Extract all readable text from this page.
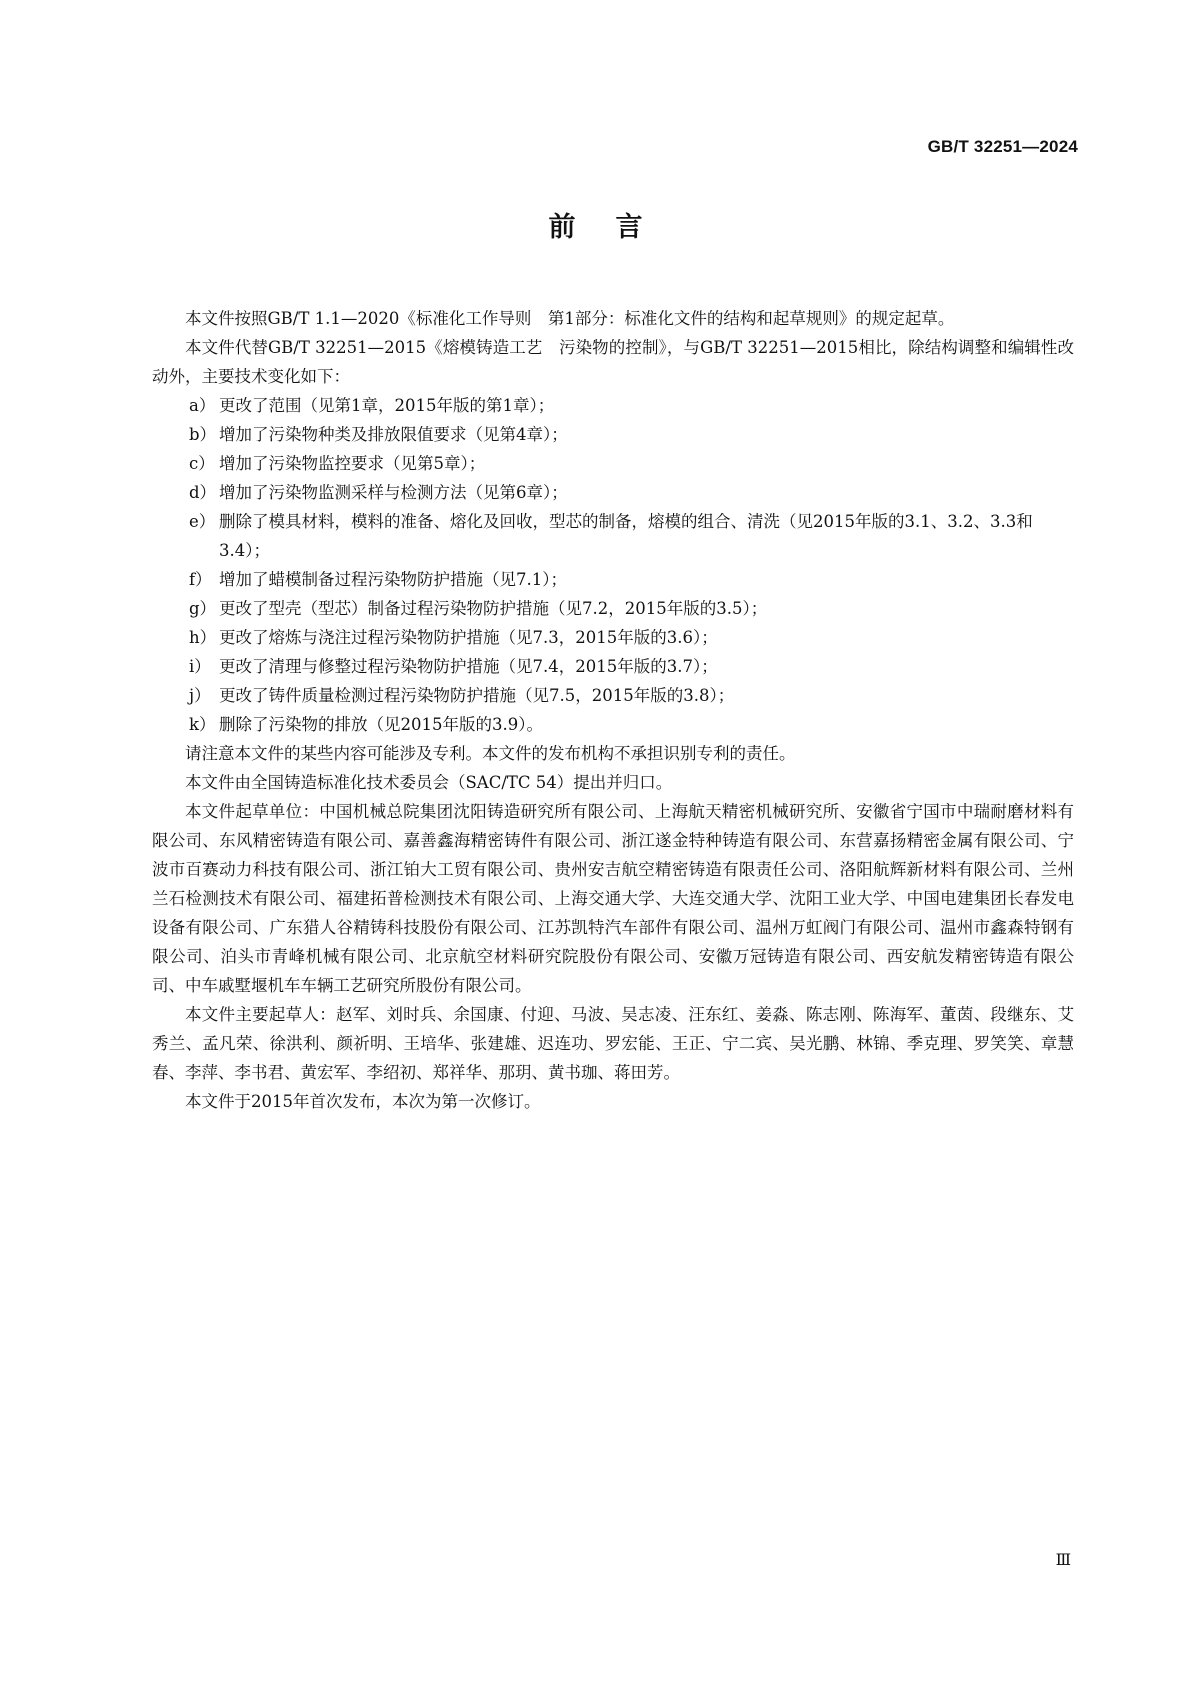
GB/T 32251—2024
前言

本文件按照GB/T 1.1—2020《标准化工作导则　第1部分：标准化文件的结构和起草规则》的规定起草。

本文件代替GB/T 32251—2015《熔模铸造工艺　污染物的控制》，与GB/T 32251—2015相比，除结构调整和编辑性改动外，主要技术变化如下：

a） 更改了范围（见第1章，2015年版的第1章）；
b） 增加了污染物种类及排放限值要求（见第4章）；
c） 增加了污染物监控要求（见第5章）；
d） 增加了污染物监测采样与检测方法（见第6章）；
e） 删除了模具材料，模料的准备、熔化及回收，型芯的制备，熔模的组合、清洗（见2015年版的3.1、3.2、3.3和3.4）；
f） 增加了蜡模制备过程污染物防护措施（见7.1）；
g） 更改了型壳（型芯）制备过程污染物防护措施（见7.2，2015年版的3.5）；
h） 更改了熔炼与浇注过程污染物防护措施（见7.3，2015年版的3.6）；
i） 更改了清理与修整过程污染物防护措施（见7.4，2015年版的3.7）；
j） 更改了铸件质量检测过程污染物防护措施（见7.5，2015年版的3.8）；
k） 删除了污染物的排放（见2015年版的3.9）。

请注意本文件的某些内容可能涉及专利。本文件的发布机构不承担识别专利的责任。

本文件由全国铸造标准化技术委员会（SAC/TC 54）提出并归口。

本文件起草单位：中国机械总院集团沈阳铸造研究所有限公司、上海航天精密机械研究所、安徽省宁国市中瑞耐磨材料有限公司、东风精密铸造有限公司、嘉善鑫海精密铸件有限公司、浙江遂金特种铸造有限公司、东营嘉扬精密金属有限公司、宁波市百赛动力科技有限公司、浙江铂大工贸有限公司、贵州安吉航空精密铸造有限责任公司、洛阳航辉新材料有限公司、兰州兰石检测技术有限公司、福建拓普检测技术有限公司、上海交通大学、大连交通大学、沈阳工业大学、中国电建集团长春发电设备有限公司、广东猎人谷精铸科技股份有限公司、江苏凯特汽车部件有限公司、温州万虹阀门有限公司、温州市鑫森特钢有限公司、泊头市青峰机械有限公司、北京航空材料研究院股份有限公司、安徽万冠铸造有限公司、西安航发精密铸造有限公司、中车戚墅堰机车车辆工艺研究所股份有限公司。

本文件主要起草人：赵军、刘时兵、余国康、付迎、马波、吴志凌、汪东红、姜淼、陈志刚、陈海军、董茵、段继东、艾秀兰、孟凡荣、徐洪利、颜祈明、王培华、张建雄、迟连功、罗宏能、王正、宁二宾、吴光鹏、林锦、季克理、罗笑笑、章慧春、李萍、李书君、黄宏军、李绍初、郑祥华、那玥、黄书珈、蒋田芳。

本文件于2015年首次发布，本次为第一次修订。

Ⅲ
